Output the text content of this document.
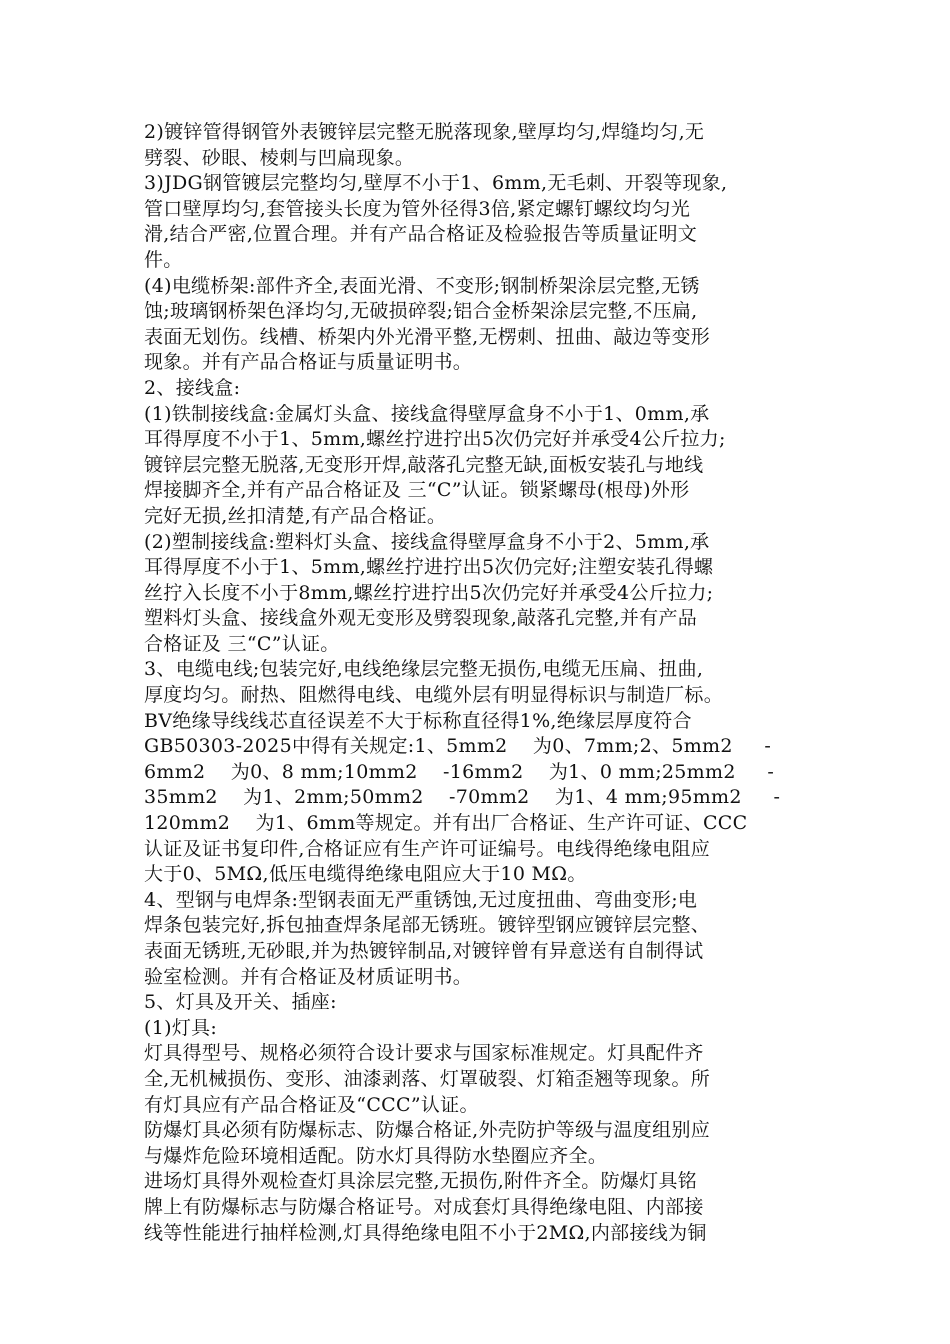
2)镀锌管得钢管外表镀锌层完整无脱落现象,壁厚均匀,焊缝均匀,无
劈裂、砂眼、棱刺与凹扁现象。
3)JDG钢管镀层完整均匀,壁厚不小于1、6mm,无毛刺、开裂等现象,
管口壁厚均匀,套管接头长度为管外径得3倍,紧定螺钉螺纹均匀光
滑,结合严密,位置合理。并有产品合格证及检验报告等质量证明文
件。
(4)电缆桥架:部件齐全,表面光滑、不变形;钢制桥架涂层完整,无锈
蚀;玻璃钢桥架色泽均匀,无破损碎裂;铝合金桥架涂层完整,不压扁,
表面无划伤。线槽、桥架内外光滑平整,无楞刺、扭曲、敲边等变形
现象。并有产品合格证与质量证明书。
2、接线盒:
(1)铁制接线盒:金属灯头盒、接线盒得壁厚盒身不小于1、0mm,承
耳得厚度不小于1、5mm,螺丝拧进拧出5次仍完好并承受4公斤拉力;
镀锌层完整无脱落,无变形开焊,敲落孔完整无缺,面板安装孔与地线
焊接脚齐全,并有产品合格证及 三“C”认证。锁紧螺母(根母)外形
完好无损,丝扣清楚,有产品合格证。
(2)塑制接线盒:塑料灯头盒、接线盒得壁厚盒身不小于2、5mm,承
耳得厚度不小于1、5mm,螺丝拧进拧出5次仍完好;注塑安装孔得螺
丝拧入长度不小于8mm,螺丝拧进拧出5次仍完好并承受4公斤拉力;
塑料灯头盒、接线盒外观无变形及劈裂现象,敲落孔完整,并有产品
合格证及 三“C”认证。
3、电缆电线;包装完好,电线绝缘层完整无损伤,电缆无压扁、扭曲,
厚度均匀。耐热、阻燃得电线、电缆外层有明显得标识与制造厂标。
BV绝缘导线线芯直径误差不大于标称直径得1%,绝缘层厚度符合
GB50303-2025中得有关规定:1、5mm2    为0、7mm;2、5mm2     -
6mm2    为0、8 mm;10mm2    -16mm2    为1、0 mm;25mm2     -
35mm2    为1、2mm;50mm2    -70mm2    为1、4 mm;95mm2     -
120mm2    为1、6mm等规定。并有出厂合格证、生产许可证、CCC
认证及证书复印件,合格证应有生产许可证编号。电线得绝缘电阻应
大于0、5MΩ,低压电缆得绝缘电阻应大于10 MΩ。
4、型钢与电焊条:型钢表面无严重锈蚀,无过度扭曲、弯曲变形;电
焊条包装完好,拆包抽查焊条尾部无锈班。镀锌型钢应镀锌层完整、
表面无锈班,无砂眼,并为热镀锌制品,对镀锌曾有异意送有自制得试
验室检测。并有合格证及材质证明书。
5、灯具及开关、插座:
(1)灯具:
灯具得型号、规格必须符合设计要求与国家标准规定。灯具配件齐
全,无机械损伤、变形、油漆剥落、灯罩破裂、灯箱歪翘等现象。所
有灯具应有产品合格证及“CCC”认证。
防爆灯具必须有防爆标志、防爆合格证,外壳防护等级与温度组别应
与爆炸危险环境相适配。防水灯具得防水垫圈应齐全。
进场灯具得外观检查灯具涂层完整,无损伤,附件齐全。防爆灯具铭
牌上有防爆标志与防爆合格证号。对成套灯具得绝缘电阻、内部接
线等性能进行抽样检测,灯具得绝缘电阻不小于2MΩ,内部接线为铜
